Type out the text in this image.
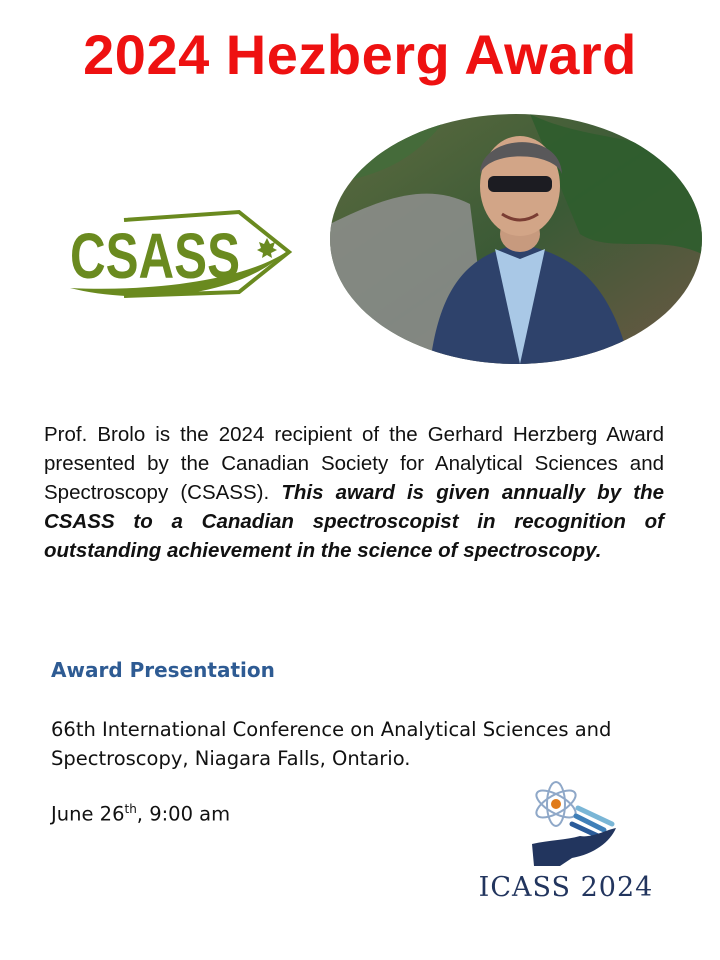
2024 Hezberg Award
CSASS
Prof. Brolo is the 2024 recipient of the Gerhard Herzberg Award presented by the Canadian Society for Analytical Sciences and Spectroscopy (CSASS). This award is given annually by the CSASS to a Canadian spectroscopist in recognition of outstanding achievement in the science of spectroscopy.
Award Presentation
66th International Conference on Analytical Sciences and Spectroscopy, Niagara Falls, Ontario.
June 26th, 9:00 am
ICASS 2024
